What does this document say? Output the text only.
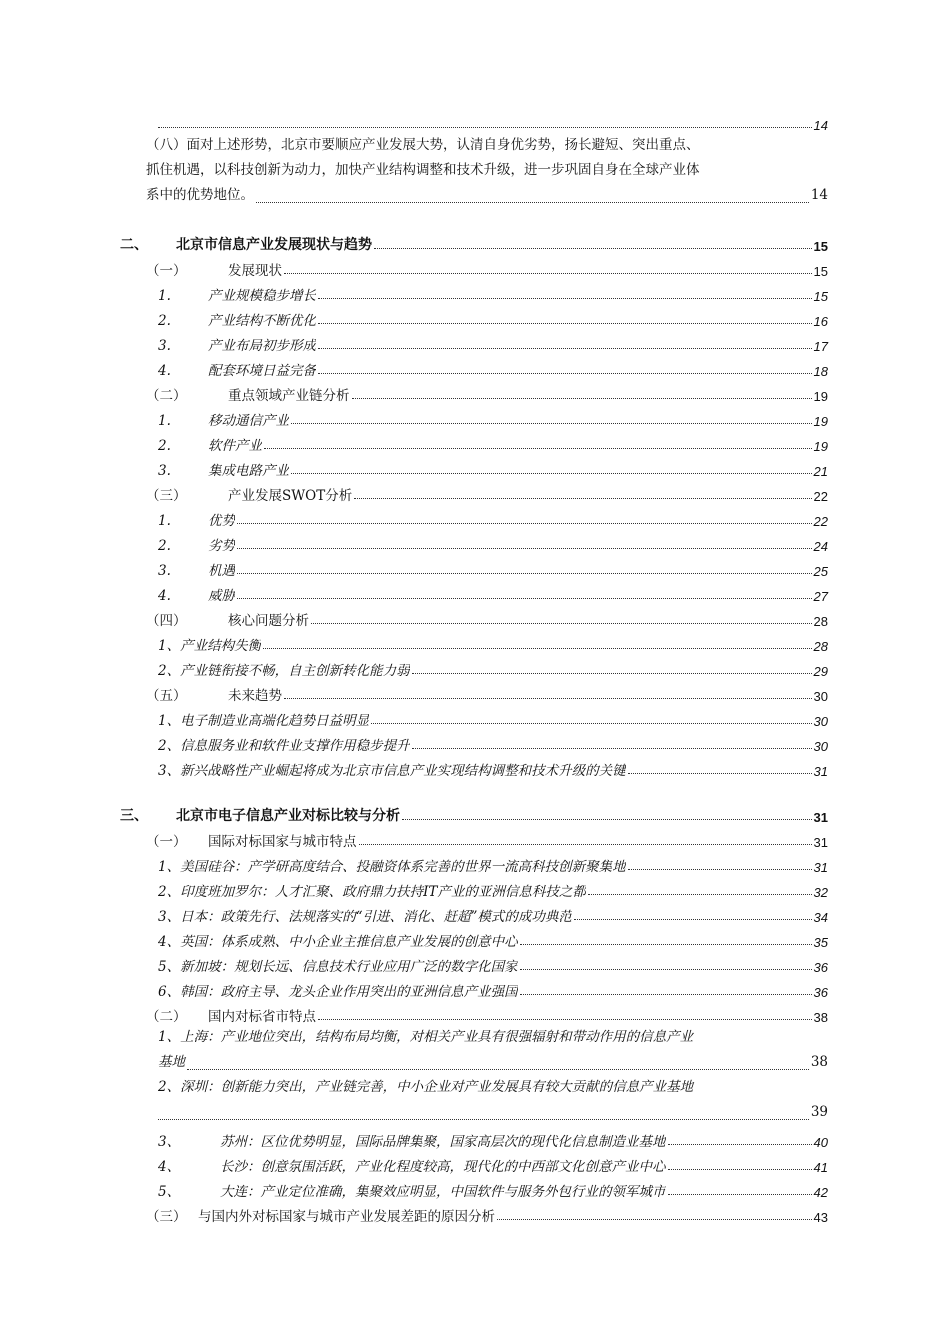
14
（八）面对上述形势，北京市要顺应产业发展大势，认清自身优劣势，扬长避短、突出重点、
抓住机遇，以科技创新为动力，加快产业结构调整和技术升级，进一步巩固自身在全球产业体
系中的优势地位。	14
二、	北京市信息产业发展现状与趋势	15
（一）	发展现状	15
1.	产业规模稳步增长	15
2.	产业结构不断优化	16
3.	产业布局初步形成	17
4.	配套环境日益完备	18
（二）	重点领域产业链分析	19
1.	移动通信产业	19
2.	软件产业	19
3.	集成电路产业	21
（三）	产业发展SWOT分析	22
1.	优势	22
2.	劣势	24
3.	机遇	25
4.	威胁	27
（四）	核心问题分析	28
1、产业结构失衡	28
2、产业链衔接不畅，自主创新转化能力弱	29
（五）	未来趋势	30
1、电子制造业高端化趋势日益明显	30
2、信息服务业和软件业支撑作用稳步提升	30
3、新兴战略性产业崛起将成为北京市信息产业实现结构调整和技术升级的关键	31
三、	北京市电子信息产业对标比较与分析	31
（一）	国际对标国家与城市特点	31
1、美国硅谷：产学研高度结合、投融资体系完善的世界一流高科技创新聚集地	31
2、印度班加罗尔：人才汇聚、政府鼎力扶持IT产业的亚洲信息科技之都	32
3、日本：政策先行、法规落实的“引进、消化、赶超”模式的成功典范	34
4、英国：体系成熟、中小企业主推信息产业发展的创意中心	35
5、新加坡：规划长远、信息技术行业应用广泛的数字化国家	36
6、韩国：政府主导、龙头企业作用突出的亚洲信息产业强国	36
（二）	国内对标省市特点	38
1、上海：产业地位突出，结构布局均衡，对相关产业具有很强辐射和带动作用的信息产业
基地	38
2、深圳：创新能力突出，产业链完善，中小企业对产业发展具有较大贡献的信息产业基地
39
3、	苏州：区位优势明显，国际品牌集聚，国家高层次的现代化信息制造业基地	40
4、	长沙：创意氛围活跃，产业化程度较高，现代化的中西部文化创意产业中心	41
5、	大连：产业定位准确，集聚效应明显，中国软件与服务外包行业的领军城市	42
（三） 与国内外对标国家与城市产业发展差距的原因分析	43
